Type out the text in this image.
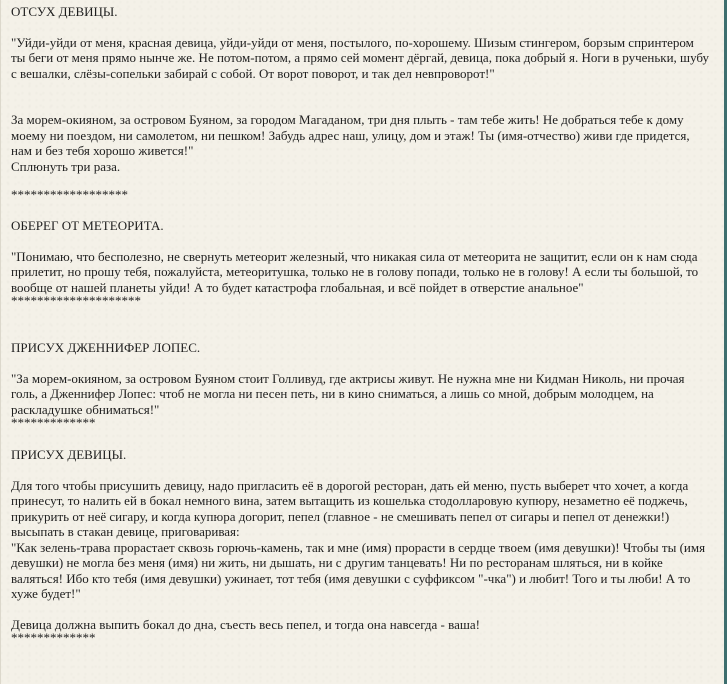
ОТСУХ ДЕВИЦЫ.

"Уйди-уйди от меня, красная девица, уйди-уйди от меня, постылого, по-хорошему. Шизым стингером, борзым спринтером ты беги от меня прямо нынче же. Не потом-потом, а прямо сей момент дёргай, девица, пока добрый я. Ноги в рученьки, шубу с вешалки, слёзы-сопельки забирай с собой. От ворот поворот, и так дел невпроворот!"

За морем-окияном, за островом Буяном, за городом Магаданом, три дня плыть - там тебе жить! Не добраться тебе к дому моему ни поездом, ни самолетом, ни пешком! Забудь адрес наш, улицу, дом и этаж! Ты (имя-отчество) живи где придется, нам и без тебя хорошо живется!"

Сплюнуть три раза.

******************

ОБЕРЕГ ОТ МЕТЕОРИТА.

"Понимаю, что бесполезно, не свернуть метеорит железный, что никакая сила от метеорита не защитит, если он к нам сюда прилетит, но прошу тебя, пожалуйста, метеоритушка, только не в голову попади, только не в голову! А если ты большой, то вообще от нашей планеты уйди! А то будет катастрофа глобальная, и всё пойдет в отверстие анальное"

********************

ПРИСУХ ДЖЕННИФЕР ЛОПЕС.

"За морем-окияном, за островом Буяном стоит Голливуд, где актрисы живут. Не нужна мне ни Кидман Николь, ни прочая голь, а Дженнифер Лопес: чтоб не могла ни песен петь, ни в кино сниматься, а лишь со мной, добрым молодцем, на раскладушке обниматься!"

*************

ПРИСУХ ДЕВИЦЫ.

Для того чтобы присушить девицу, надо пригласить её в дорогой ресторан, дать ей меню, пусть выберет что хочет, а когда принесут, то налить ей в бокал немного вина, затем вытащить из кошелька стодолларовую купюру, незаметно её поджечь, прикурить от неё сигару, и когда купюра догорит, пепел (главное - не смешивать пепел от сигары и пепел от денежки!) высыпать в стакан девице, приговаривая:

"Как зелень-трава прорастает сквозь горючь-камень, так и мне (имя) прорасти в сердце твоем (имя девушки)! Чтобы ты (имя девушки) не могла без меня (имя) ни жить, ни дышать, ни с другим танцевать! Ни по ресторанам шляться, ни в койке валяться! Ибо кто тебя (имя девушки) ужинает, тот тебя (имя девушки с суффиксом "-чка") и любит! Того и ты люби! А то хуже будет!"

Девица должна выпить бокал до дна, съесть весь пепел, и тогда она навсегда - ваша!

*************
